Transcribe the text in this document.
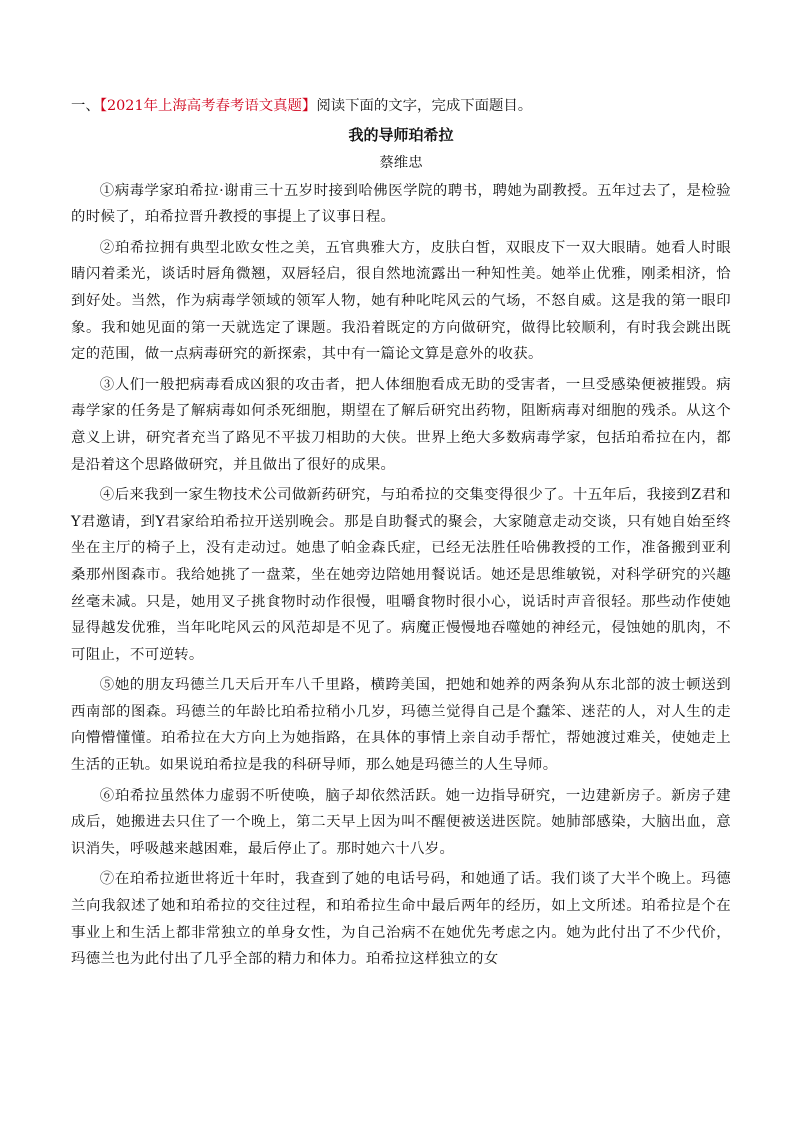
一、【2021年上海高考春考语文真题】阅读下面的文字，完成下面题目。

我的导师珀希拉

蔡维忠

①病毒学家珀希拉·谢甫三十五岁时接到哈佛医学院的聘书，聘她为副教授。五年过去了，是检验的时候了，珀希拉晋升教授的事提上了议事日程。

②珀希拉拥有典型北欧女性之美，五官典雅大方，皮肤白皙，双眼皮下一双大眼睛。她看人时眼睛闪着柔光，谈话时唇角微翘，双唇轻启，很自然地流露出一种知性美。她举止优雅，刚柔相济，恰到好处。当然，作为病毒学领域的领军人物，她有种叱咤风云的气场，不怒自威。这是我的第一眼印象。我和她见面的第一天就选定了课题。我沿着既定的方向做研究，做得比较顺利，有时我会跳出既定的范围，做一点病毒研究的新探索，其中有一篇论文算是意外的收获。

③人们一般把病毒看成凶狠的攻击者，把人体细胞看成无助的受害者，一旦受感染便被摧毁。病毒学家的任务是了解病毒如何杀死细胞，期望在了解后研究出药物，阻断病毒对细胞的残杀。从这个意义上讲，研究者充当了路见不平拔刀相助的大侠。世界上绝大多数病毒学家，包括珀希拉在内，都是沿着这个思路做研究，并且做出了很好的成果。

④后来我到一家生物技术公司做新药研究，与珀希拉的交集变得很少了。十五年后，我接到Z君和Y君邀请，到Y君家给珀希拉开送别晚会。那是自助餐式的聚会，大家随意走动交谈，只有她自始至终坐在主厅的椅子上，没有走动过。她患了帕金森氏症，已经无法胜任哈佛教授的工作，准备搬到亚利桑那州图森市。我给她挑了一盘菜，坐在她旁边陪她用餐说话。她还是思维敏锐，对科学研究的兴趣丝毫未减。只是，她用叉子挑食物时动作很慢，咀嚼食物时很小心，说话时声音很轻。那些动作使她显得越发优雅，当年叱咤风云的风范却是不见了。病魔正慢慢地吞噬她的神经元，侵蚀她的肌肉，不可阻止，不可逆转。

⑤她的朋友玛德兰几天后开车八千里路，横跨美国，把她和她养的两条狗从东北部的波士顿送到西南部的图森。玛德兰的年龄比珀希拉稍小几岁，玛德兰觉得自己是个蠢笨、迷茫的人，对人生的走向懵懵懂懂。珀希拉在大方向上为她指路，在具体的事情上亲自动手帮忙，帮她渡过难关，使她走上生活的正轨。如果说珀希拉是我的科研导师，那么她是玛德兰的人生导师。

⑥珀希拉虽然体力虚弱不听使唤，脑子却依然活跃。她一边指导研究，一边建新房子。新房子建成后，她搬进去只住了一个晚上，第二天早上因为叫不醒便被送进医院。她肺部感染，大脑出血，意识消失，呼吸越来越困难，最后停止了。那时她六十八岁。

⑦在珀希拉逝世将近十年时，我查到了她的电话号码，和她通了话。我们谈了大半个晚上。玛德兰向我叙述了她和珀希拉的交往过程，和珀希拉生命中最后两年的经历，如上文所述。珀希拉是个在事业上和生活上都非常独立的单身女性，为自己治病不在她优先考虑之内。她为此付出了不少代价，玛德兰也为此付出了几乎全部的精力和体力。珀希拉这样独立的女
